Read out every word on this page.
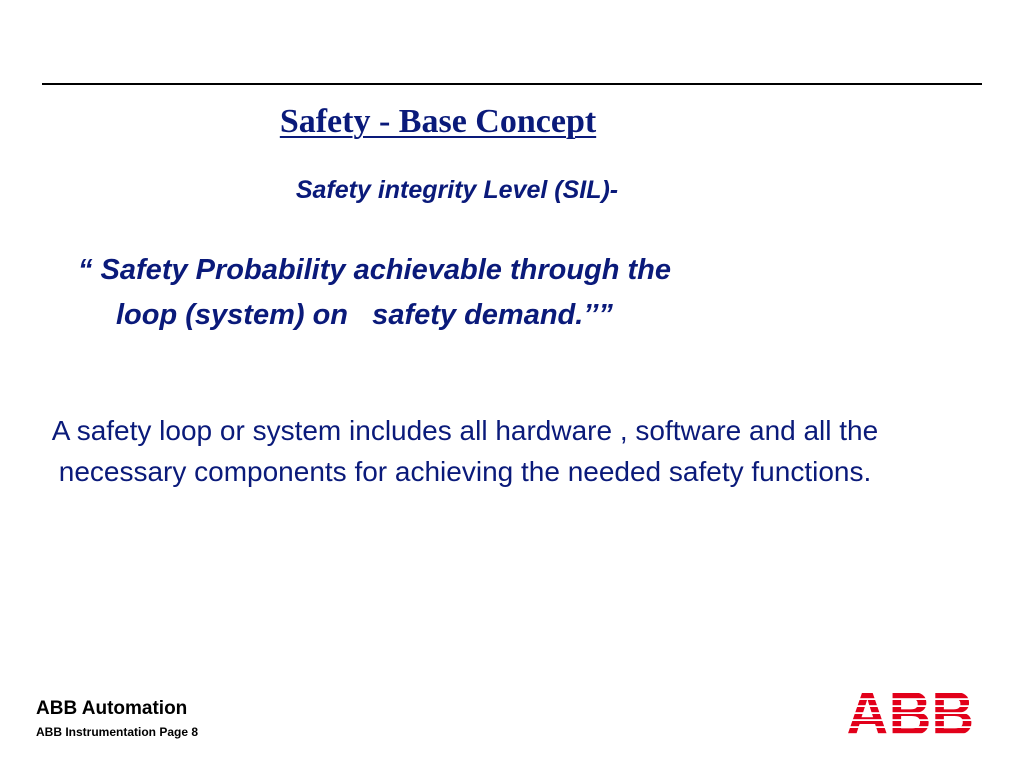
Safety - Base Concept
Safety integrity Level (SIL)-
“ Safety Probability achievable through the
loop (system) on   safety demand.’’”
A safety loop or system includes all hardware , software and all the necessary components for achieving the needed safety functions.
ABB Automation
ABB Instrumentation Page 8
